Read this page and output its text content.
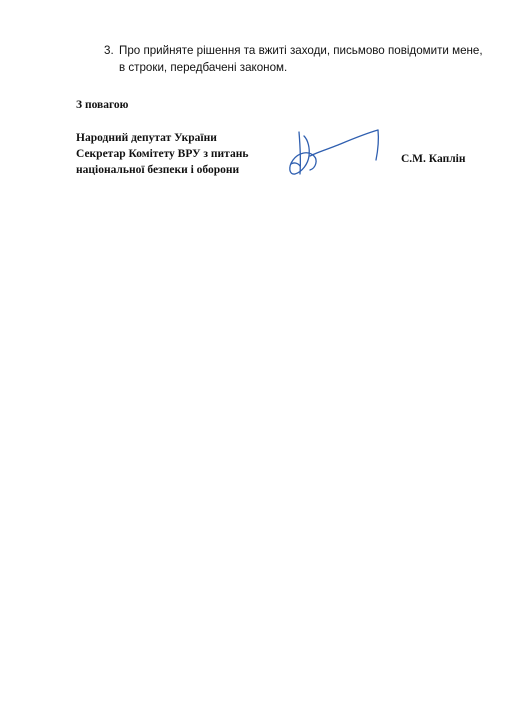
3. Про прийняте рішення та вжиті заходи, письмово повідомити мене, в строки, передбачені законом.
З повагою
Народний депутат України
Секретар Комітету ВРУ з питань
національної безпеки і оборони
С.М. Каплін
